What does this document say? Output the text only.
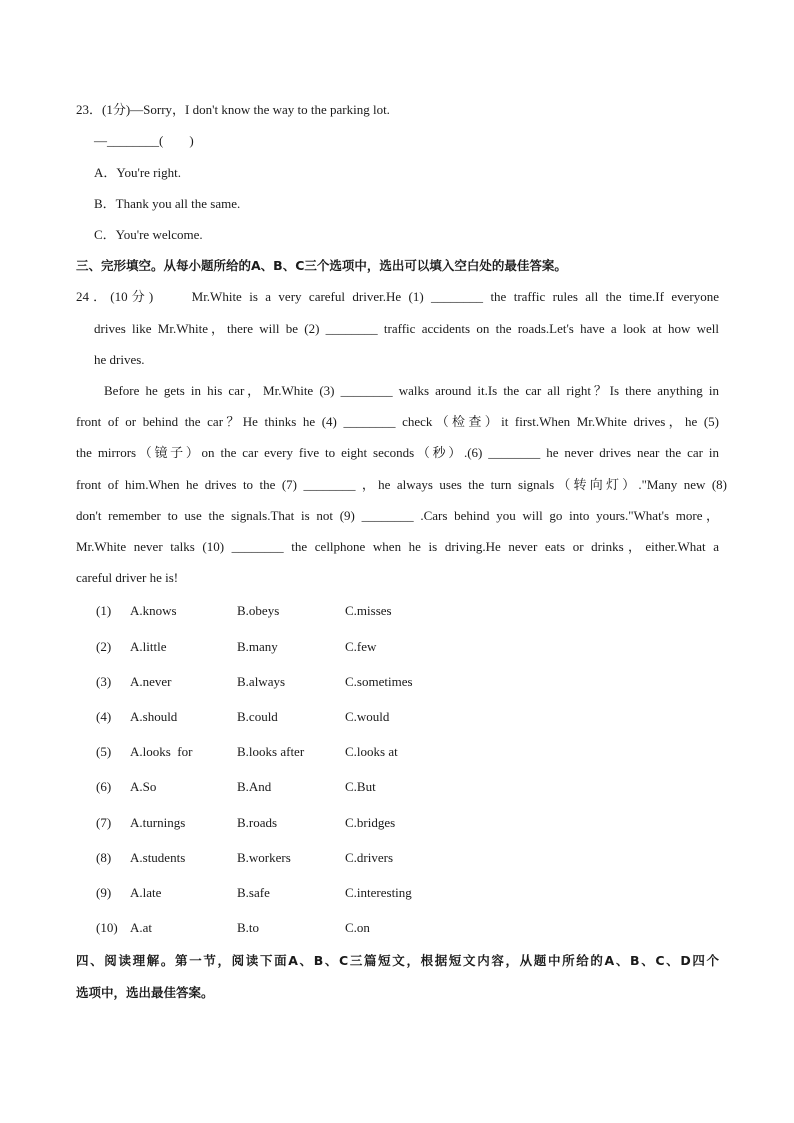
23．(1分)—Sorry，I don't know the way to the parking lot.
—________(　　)
A．You're right.
B．Thank you all the same.
C．You're welcome.
三、完形填空。从每小题所给的A、B、C三个选项中，选出可以填入空白处的最佳答案。
24．(10分)　　Mr.White is a very careful driver.He (1) ________ the traffic rules all the time.If everyone
drives like Mr.White，there will be (2) ________ traffic accidents on the roads.Let's have a look at how well
he drives.
Before he gets in his car，Mr.White (3) ________ walks around it.Is the car all right？Is there anything in
front of or behind the car？He thinks he (4) ________ check（检查）it first.When Mr.White drives，he (5)
the mirrors（镜子）on the car every five to eight seconds（秒）.(6) ________ he never drives near the car in
front of him.When he drives to the (7) ________ ，he always uses the turn signals（转向灯）."Many new (8)
don't remember to use the signals.That is not (9) ________ .Cars behind you will go into yours."What's more，
Mr.White never talks (10) ________ the cellphone when he is driving.He never eats or drinks，either.What a
careful driver he is!
(1) A.knows	B.obeys	C.misses
(2) A.little	B.many	C.few
(3) A.never	B.always	C.sometimes
(4) A.should	B.could	C.would
(5) A.looks  for	B.looks after	C.looks at
(6) A.So	B.And	C.But
(7) A.turnings	B.roads	C.bridges
(8) A.students	B.workers	C.drivers
(9) A.late	B.safe	C.interesting
(10) A.at	B.to	C.on
四、阅读理解。第一节，阅读下面A、B、C三篇短文，根据短文内容，从题中所给的A、B、C、D四个
选项中，选出最佳答案。
